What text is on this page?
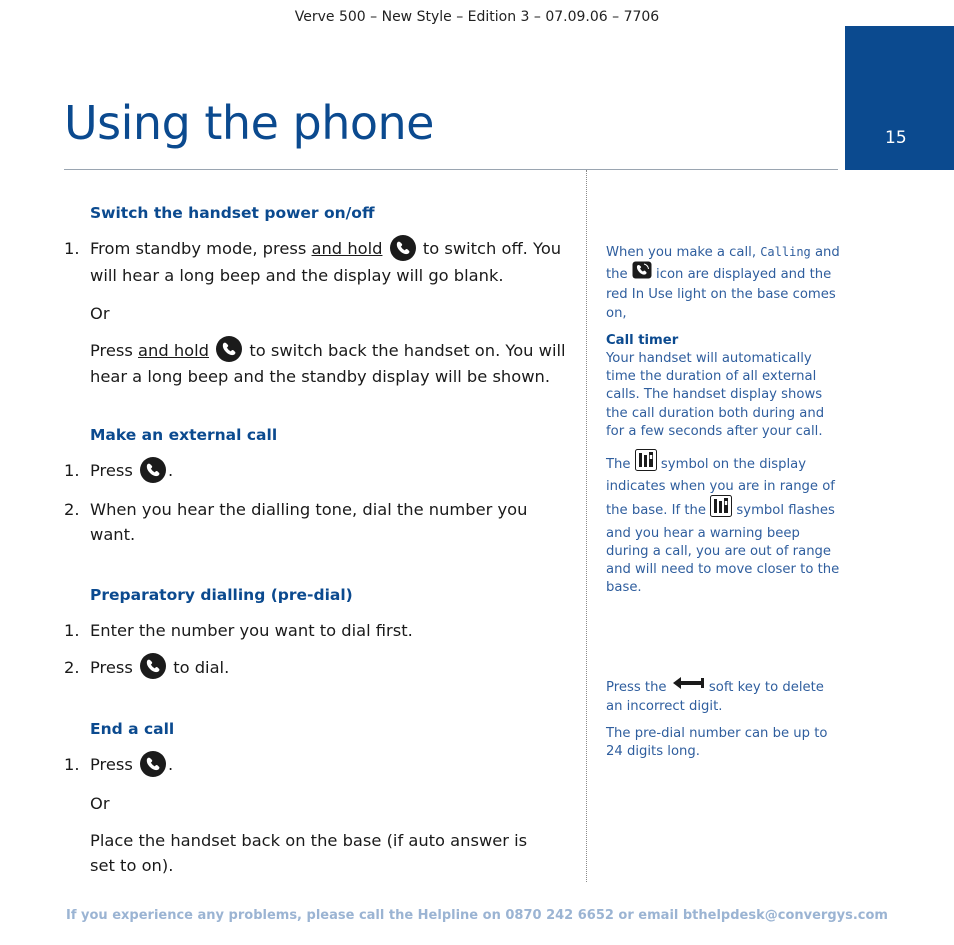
Verve 500 – New Style – Edition 3 – 07.09.06 – 7706
15
Using the phone
Switch the handset power on/off
1. From standby mode, press and hold
to switch off. You will hear a long beep and the display will go blank.

Or

Press and hold
to switch back the handset on. You will hear a long beep and the standby display will be shown.

Make an external call
1. Press
.
2. When you hear the dialling tone, dial the number you want.
Preparatory dialling (pre-dial)
1. Enter the number you want to dial first.
2. Press
to dial.
End a call
1. Press
.

Or

Place the handset back on the base (if auto answer is set to on).

When you make a call, Calling and the  icon are displayed and the red In Use light on the base comes on,

Call timer

Your handset will automatically time the duration of all external calls. The handset display shows the call duration both during and for a few seconds after your call.

The  symbol on the display indicates when you are in range of the base. If the  symbol flashes and you hear a warning beep during a call, you are out of range and will need to move closer to the base.

Press the	soft key to delete an incorrect digit.

The pre-dial number can be up to 24 digits long.

If you experience any problems, please call the Helpline on 0870 242 6652 or email bthelpdesk@convergys.com
